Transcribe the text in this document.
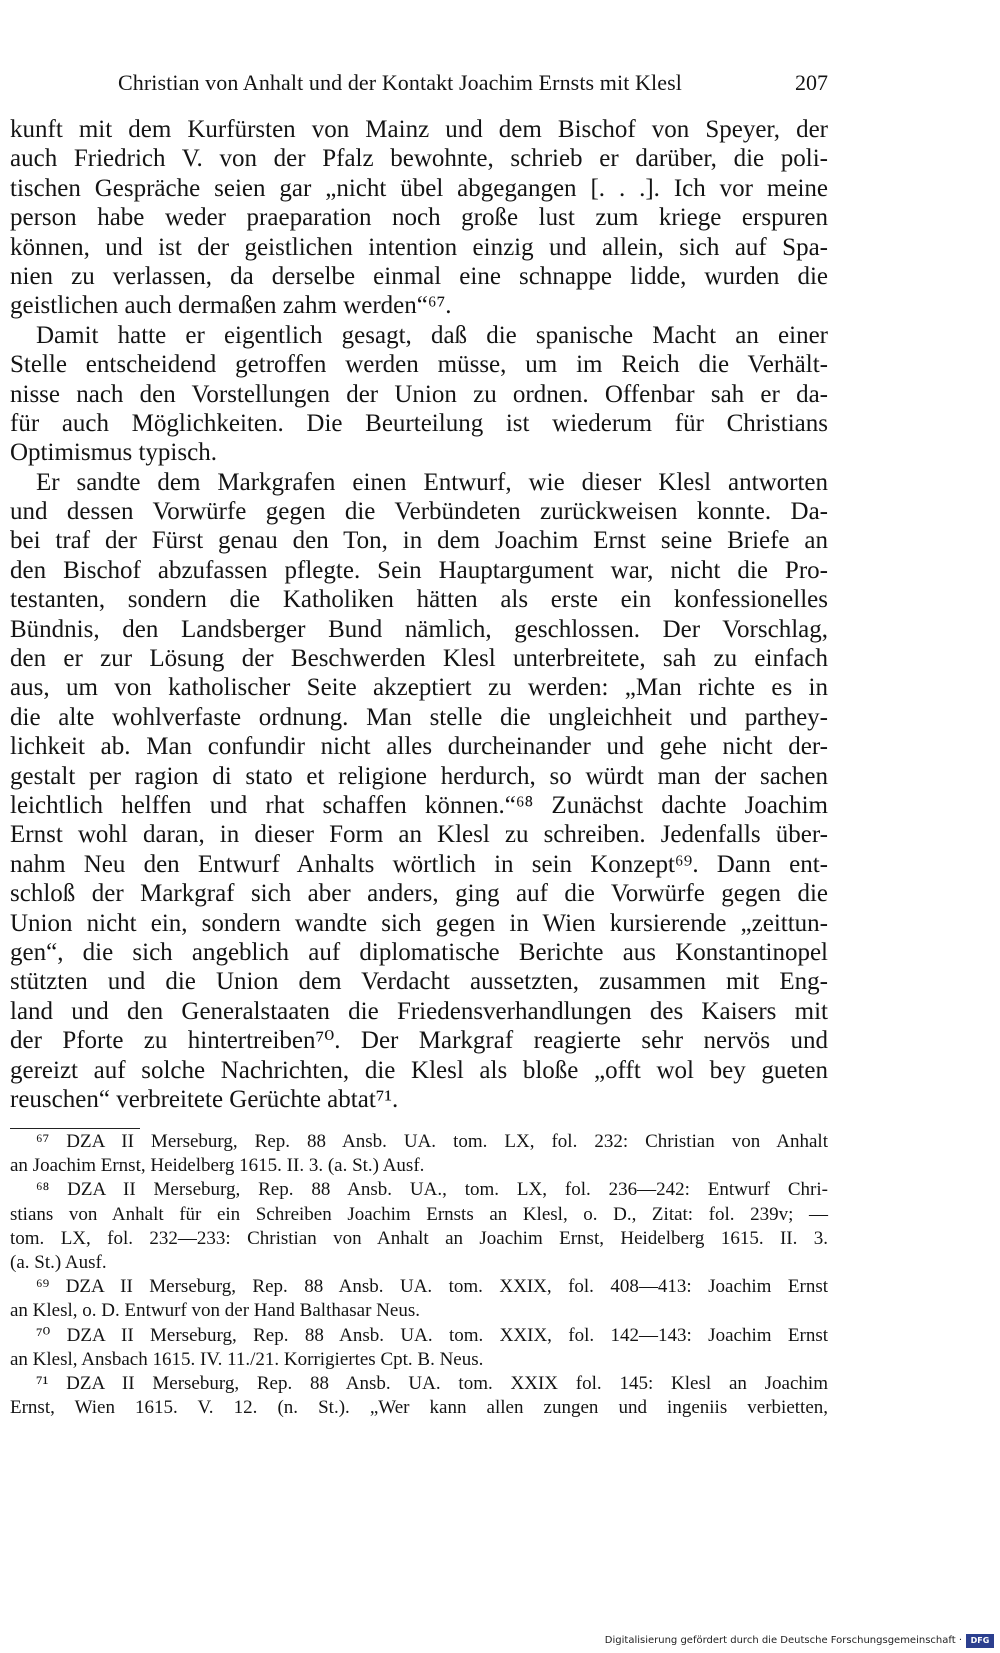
Christian von Anhalt und der Kontakt Joachim Ernsts mit Klesl	207
kunft mit dem Kurfürsten von Mainz und dem Bischof von Speyer, der
auch Friedrich V. von der Pfalz bewohnte, schrieb er darüber, die poli-
tischen Gespräche seien gar „nicht übel abgegangen [. . .]. Ich vor meine
person habe weder praeparation noch große lust zum kriege erspuren
können, und ist der geistlichen intention einzig und allein, sich auf Spa-
nien zu verlassen, da derselbe einmal eine schnappe lidde, wurden die
geistlichen auch dermaßen zahm werden“⁶⁷.
Damit hatte er eigentlich gesagt, daß die spanische Macht an einer
Stelle entscheidend getroffen werden müsse, um im Reich die Verhält-
nisse nach den Vorstellungen der Union zu ordnen. Offenbar sah er da-
für auch Möglichkeiten. Die Beurteilung ist wiederum für Christians
Optimismus typisch.
Er sandte dem Markgrafen einen Entwurf, wie dieser Klesl antworten
und dessen Vorwürfe gegen die Verbündeten zurückweisen konnte. Da-
bei traf der Fürst genau den Ton, in dem Joachim Ernst seine Briefe an
den Bischof abzufassen pflegte. Sein Hauptargument war, nicht die Pro-
testanten, sondern die Katholiken hätten als erste ein konfessionelles
Bündnis, den Landsberger Bund nämlich, geschlossen. Der Vorschlag,
den er zur Lösung der Beschwerden Klesl unterbreitete, sah zu einfach
aus, um von katholischer Seite akzeptiert zu werden: „Man richte es in
die alte wohlverfaste ordnung. Man stelle die ungleichheit und parthey-
lichkeit ab. Man confundir nicht alles durcheinander und gehe nicht der-
gestalt per ragion di stato et religione herdurch, so würdt man der sachen
leichtlich helffen und rhat schaffen können.“⁶⁸ Zunächst dachte Joachim
Ernst wohl daran, in dieser Form an Klesl zu schreiben. Jedenfalls über-
nahm Neu den Entwurf Anhalts wörtlich in sein Konzept⁶⁹. Dann ent-
schloß der Markgraf sich aber anders, ging auf die Vorwürfe gegen die
Union nicht ein, sondern wandte sich gegen in Wien kursierende „zeittun-
gen“, die sich angeblich auf diplomatische Berichte aus Konstantinopel
stützten und die Union dem Verdacht aussetzten, zusammen mit Eng-
land und den Generalstaaten die Friedensverhandlungen des Kaisers mit
der Pforte zu hintertreiben⁷⁰. Der Markgraf reagierte sehr nervös und
gereizt auf solche Nachrichten, die Klesl als bloße „offt wol bey gueten
reuschen“ verbreitete Gerüchte abtat⁷¹.
⁶⁷ DZA II Merseburg, Rep. 88 Ansb. UA. tom. LX, fol. 232: Christian von Anhalt
an Joachim Ernst, Heidelberg 1615. II. 3. (a. St.) Ausf.
⁶⁸ DZA II Merseburg, Rep. 88 Ansb. UA., tom. LX, fol. 236—242: Entwurf Chri-
stians von Anhalt für ein Schreiben Joachim Ernsts an Klesl, o. D., Zitat: fol. 239v; —
tom. LX, fol. 232—233: Christian von Anhalt an Joachim Ernst, Heidelberg 1615. II. 3.
(a. St.) Ausf.
⁶⁹ DZA II Merseburg, Rep. 88 Ansb. UA. tom. XXIX, fol. 408—413: Joachim Ernst
an Klesl, o. D. Entwurf von der Hand Balthasar Neus.
⁷⁰ DZA II Merseburg, Rep. 88 Ansb. UA. tom. XXIX, fol. 142—143: Joachim Ernst
an Klesl, Ansbach 1615. IV. 11./21. Korrigiertes Cpt. B. Neus.
⁷¹ DZA II Merseburg, Rep. 88 Ansb. UA. tom. XXIX fol. 145: Klesl an Joachim
Ernst, Wien 1615. V. 12. (n. St.). „Wer kann allen zungen und ingeniis verbietten,
Digitalisierung gefördert durch die Deutsche Forschungsgemeinschaft ·	DFG
